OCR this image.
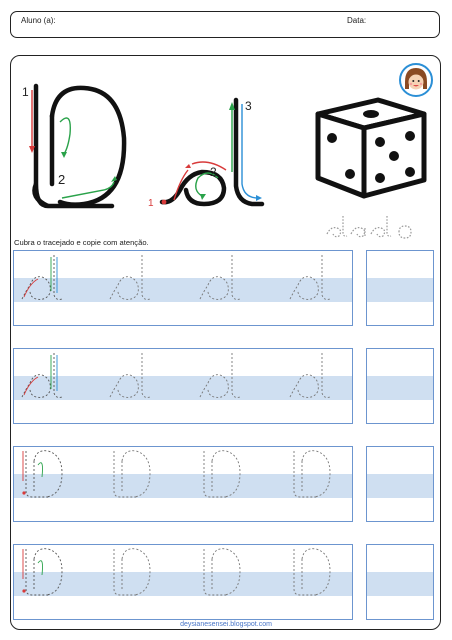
Aluno (a):	Data:
1
2
3
2
1
Cubra o tracejado e copie com atenção.
deysianesensei.blogspot.com
